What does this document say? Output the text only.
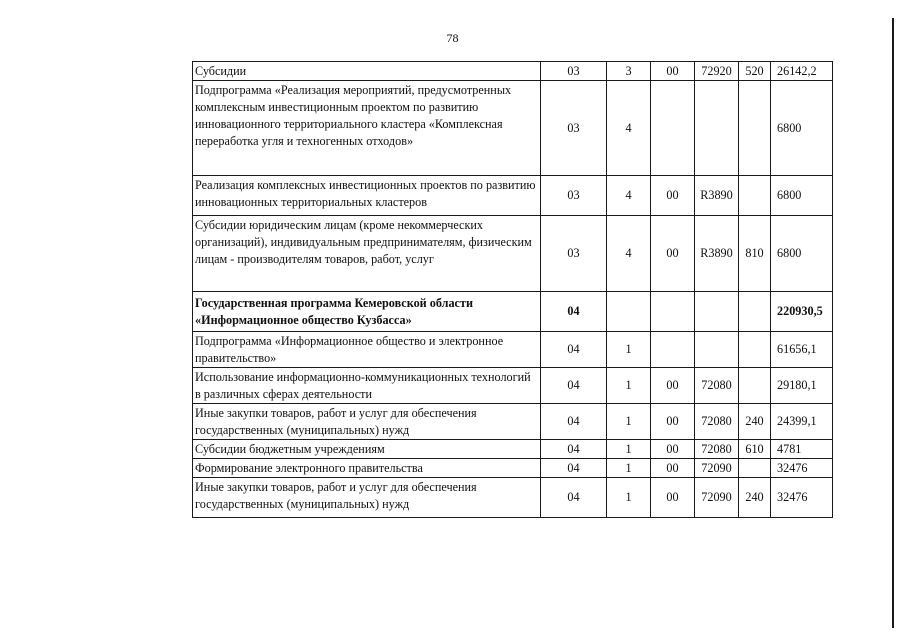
78
Субсидии	03	3	00	72920	520	26142,2
Подпрограмма «Реализация мероприятий, предусмотренных комплексным инвестиционным проектом по развитию инновационного территориального кластера «Комплексная переработка угля и техногенных отходов»	03	4				6800
Реализация комплексных инвестиционных проектов по развитию инновационных территориальных кластеров	03	4	00	R3890		6800
Субсидии юридическим лицам (кроме некоммерческих организаций), индивидуальным предпринимателям, физическим лицам - производителям товаров, работ, услуг	03	4	00	R3890	810	6800
Государственная программа Кемеровской области «Информационное общество Кузбасса»	04					220930,5
Подпрограмма «Информационное общество и электронное правительство»	04	1				61656,1
Использование информационно-коммуникационных технологий в различных сферах деятельности	04	1	00	72080		29180,1
Иные закупки товаров, работ и услуг для обеспечения государственных (муниципальных) нужд	04	1	00	72080	240	24399,1
Субсидии бюджетным учреждениям	04	1	00	72080	610	4781
Формирование электронного правительства	04	1	00	72090		32476
Иные закупки товаров, работ и услуг для обеспечения государственных (муниципальных) нужд	04	1	00	72090	240	32476
